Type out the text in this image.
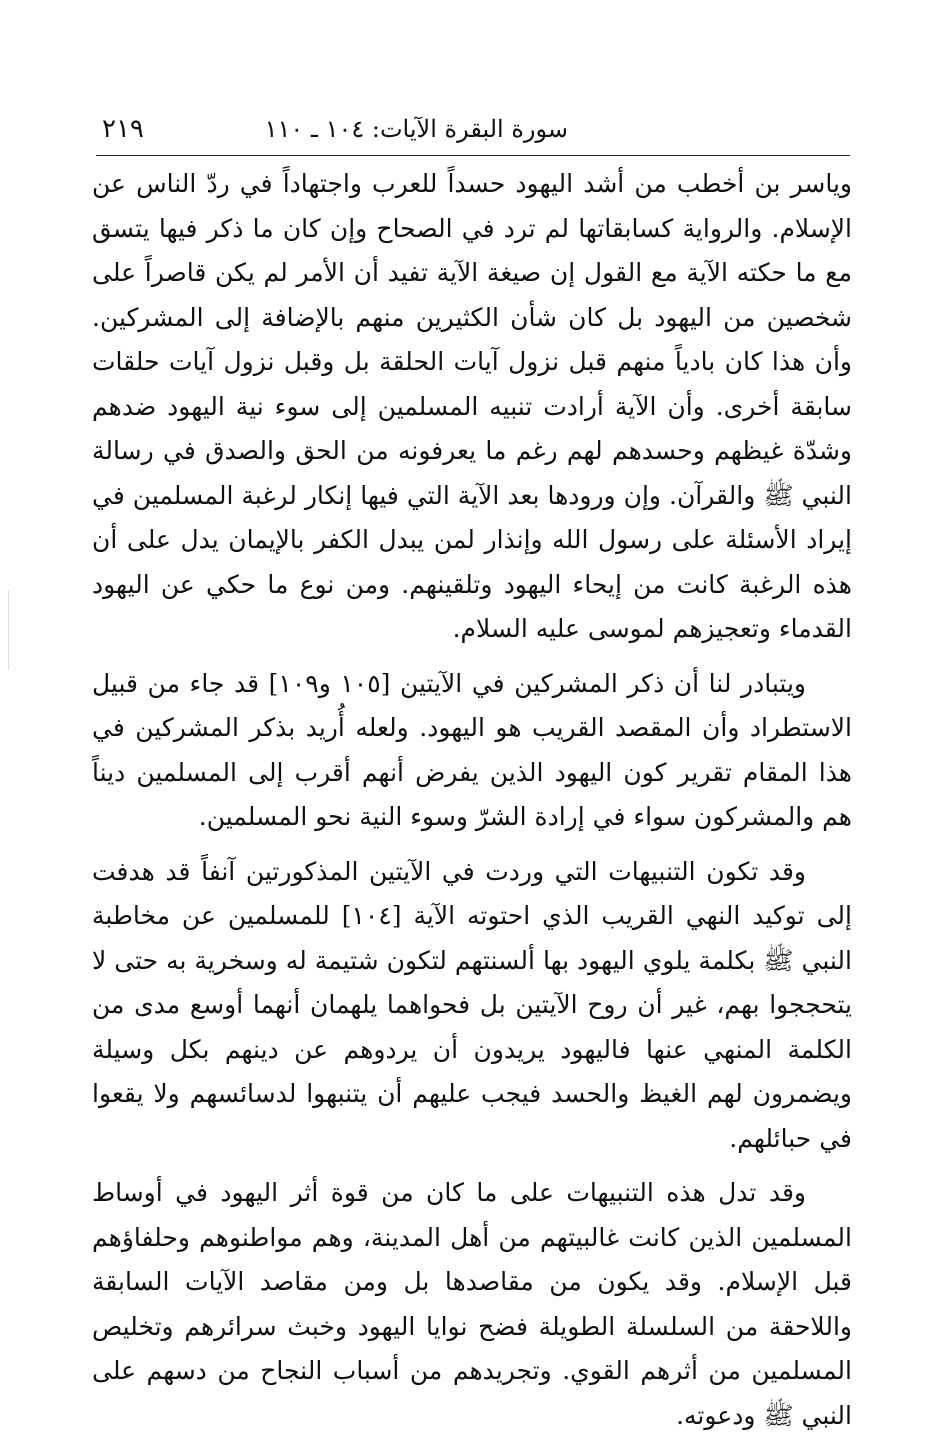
سورة البقرة الآيات: ١٠٤ ـ ١١٠
٢١٩

وياسر بن أخطب من أشد اليهود حسداً للعرب واجتهاداً في ردّ الناس عن الإسلام. والرواية كسابقاتها لم ترد في الصحاح وإن كان ما ذكر فيها يتسق مع ما حكته الآية مع القول إن صيغة الآية تفيد أن الأمر لم يكن قاصراً على شخصين من اليهود بل كان شأن الكثيرين منهم بالإضافة إلى المشركين. وأن هذا كان بادياً منهم قبل نزول آيات الحلقة بل وقبل نزول آيات حلقات سابقة أخرى. وأن الآية أرادت تنبيه المسلمين إلى سوء نية اليهود ضدهم وشدّة غيظهم وحسدهم لهم رغم ما يعرفونه من الحق والصدق في رسالة النبي ﷺ والقرآن. وإن ورودها بعد الآية التي فيها إنكار لرغبة المسلمين في إيراد الأسئلة على رسول الله وإنذار لمن يبدل الكفر بالإيمان يدل على أن هذه الرغبة كانت من إيحاء اليهود وتلقينهم. ومن نوع ما حكي عن اليهود القدماء وتعجيزهم لموسى عليه السلام.

ويتبادر لنا أن ذكر المشركين في الآيتين [١٠٥ و١٠٩] قد جاء من قبيل الاستطراد وأن المقصد القريب هو اليهود. ولعله أُريد بذكر المشركين في هذا المقام تقرير كون اليهود الذين يفرض أنهم أقرب إلى المسلمين ديناً هم والمشركون سواء في إرادة الشرّ وسوء النية نحو المسلمين.

وقد تكون التنبيهات التي وردت في الآيتين المذكورتين آنفاً قد هدفت إلى توكيد النهي القريب الذي احتوته الآية [١٠٤] للمسلمين عن مخاطبة النبي ﷺ بكلمة يلوي اليهود بها ألسنتهم لتكون شتيمة له وسخرية به حتى لا يتحججوا بهم، غير أن روح الآيتين بل فحواهما يلهمان أنهما أوسع مدى من الكلمة المنهي عنها فاليهود يريدون أن يردوهم عن دينهم بكل وسيلة ويضمرون لهم الغيظ والحسد فيجب عليهم أن يتنبهوا لدسائسهم ولا يقعوا في حبائلهم.

وقد تدل هذه التنبيهات على ما كان من قوة أثر اليهود في أوساط المسلمين الذين كانت غالبيتهم من أهل المدينة، وهم مواطنوهم وحلفاؤهم قبل الإسلام. وقد يكون من مقاصدها بل ومن مقاصد الآيات السابقة واللاحقة من السلسلة الطويلة فضح نوايا اليهود وخبث سرائرهم وتخليص المسلمين من أثرهم القوي. وتجريدهم من أسباب النجاح من دسهم على النبي ﷺ ودعوته.
